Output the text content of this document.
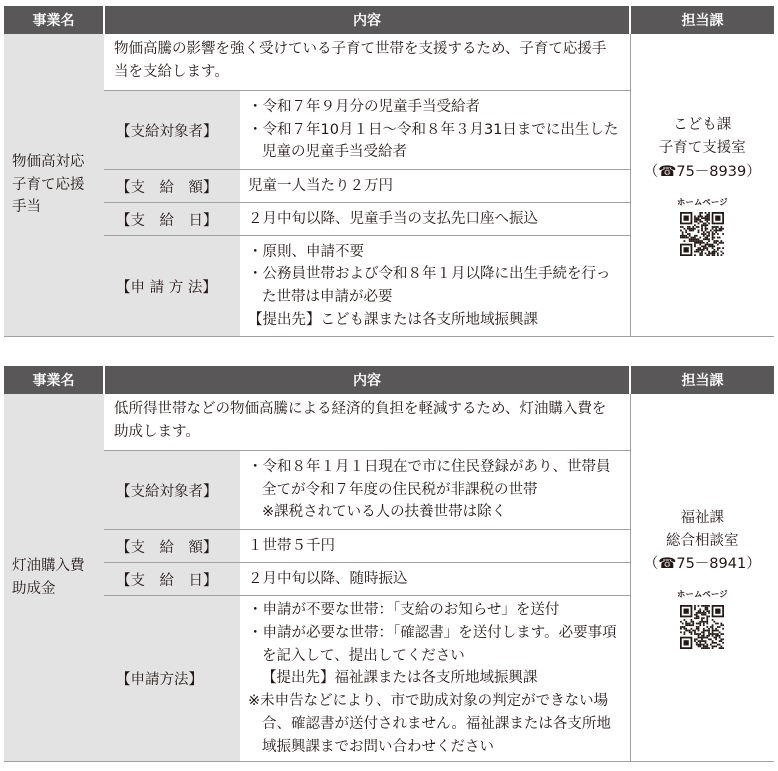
事業名	内容		担当課

物価高対応
子育て応援
手当	物価高騰の影響を強く受けている子育て世帯を支援するため、子育て応援手当を支給します。		こども課
子育て支援室
（☎75－8939）
ホームページ

	【支給対象者】	・令和７年９月分の児童手当受給者
・令和７年10月１日～令和８年３月31日までに出生した児童の児童手当受給者	

	【支　給　額】	児童一人当たり２万円	
	【支　給　日】	２月中旬以降、児童手当の支払先口座へ振込	
	【申 請 方 法】	・原則、申請不要
・公務員世帯および令和８年１月以降に出生手続を行った世帯は申請が必要
【提出先】こども課または各支所地域振興課	
事業名	内容		担当課

灯油購入費
助成金	低所得世帯などの物価高騰による経済的負担を軽減するため、灯油購入費を助成します。		福祉課
総合相談室
（☎75－8941）
ホームページ

	【支給対象者】	・令和８年１月１日現在で市に住民登録があり、世帯員全てが令和７年度の住民税が非課税の世帯
※課税されている人の扶養世帯は除く	

	【支　給　額】	１世帯５千円	
	【支　給　日】	２月中旬以降、随時振込	
	【申請方法】	・申請が不要な世帯：「支給のお知らせ」を送付
・申請が必要な世帯：「確認書」を送付します。必要事項を記入して、提出してください
【提出先】福祉課または各支所地域振興課
※未申告などにより、市で助成対象の判定ができない場合、確認書が送付されません。福祉課または各支所地域振興課までお問い合わせください	
